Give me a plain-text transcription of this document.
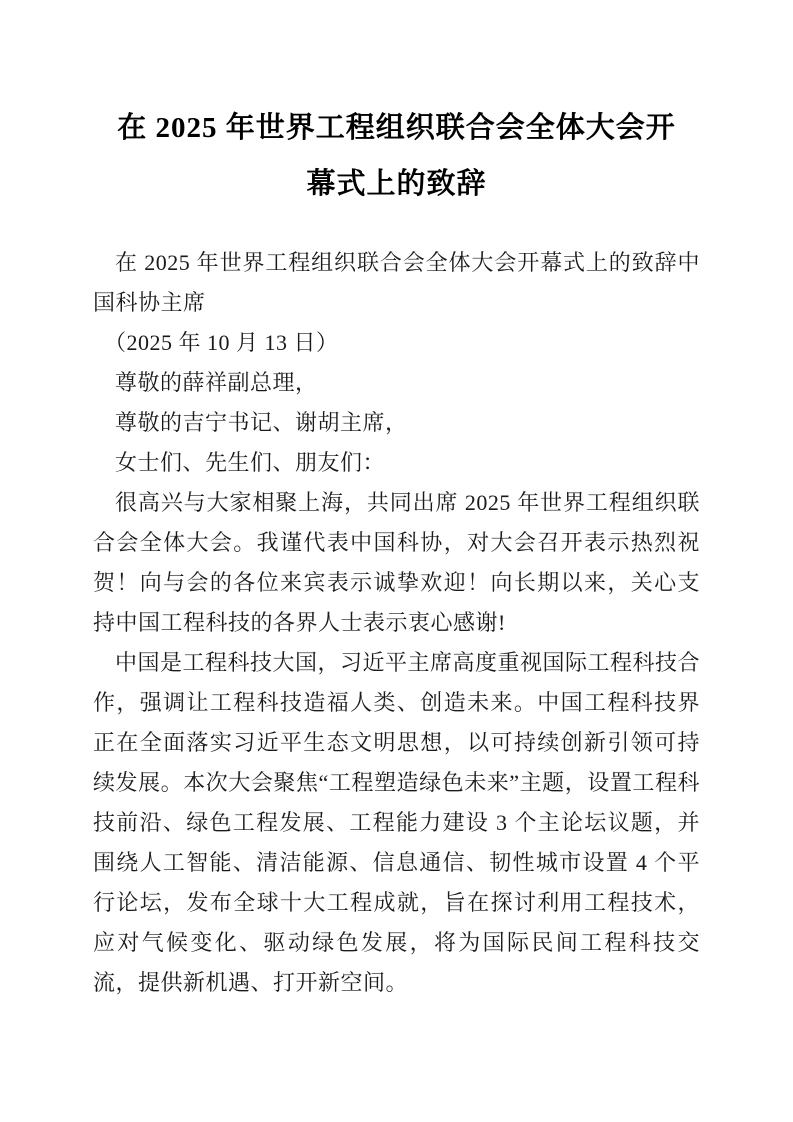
在 2025 年世界工程组织联合会全体大会开
幕式上的致辞

在 2025 年世界工程组织联合会全体大会开幕式上的致辞中国科协主席

（2025 年 10 月 13 日）

尊敬的薛祥副总理，

尊敬的吉宁书记、谢胡主席，

女士们、先生们、朋友们：

很高兴与大家相聚上海，共同出席 2025 年世界工程组织联合会全体大会。我谨代表中国科协，对大会召开表示热烈祝贺！向与会的各位来宾表示诚挚欢迎！向长期以来，关心支持中国工程科技的各界人士表示衷心感谢!

中国是工程科技大国，习近平主席高度重视国际工程科技合作，强调让工程科技造福人类、创造未来。中国工程科技界正在全面落实习近平生态文明思想，以可持续创新引领可持续发展。本次大会聚焦“工程塑造绿色未来”主题，设置工程科技前沿、绿色工程发展、工程能力建设 3 个主论坛议题，并围绕人工智能、清洁能源、信息通信、韧性城市设置 4 个平行论坛，发布全球十大工程成就，旨在探讨利用工程技术，应对气候变化、驱动绿色发展，将为国际民间工程科技交流，提供新机遇、打开新空间。
